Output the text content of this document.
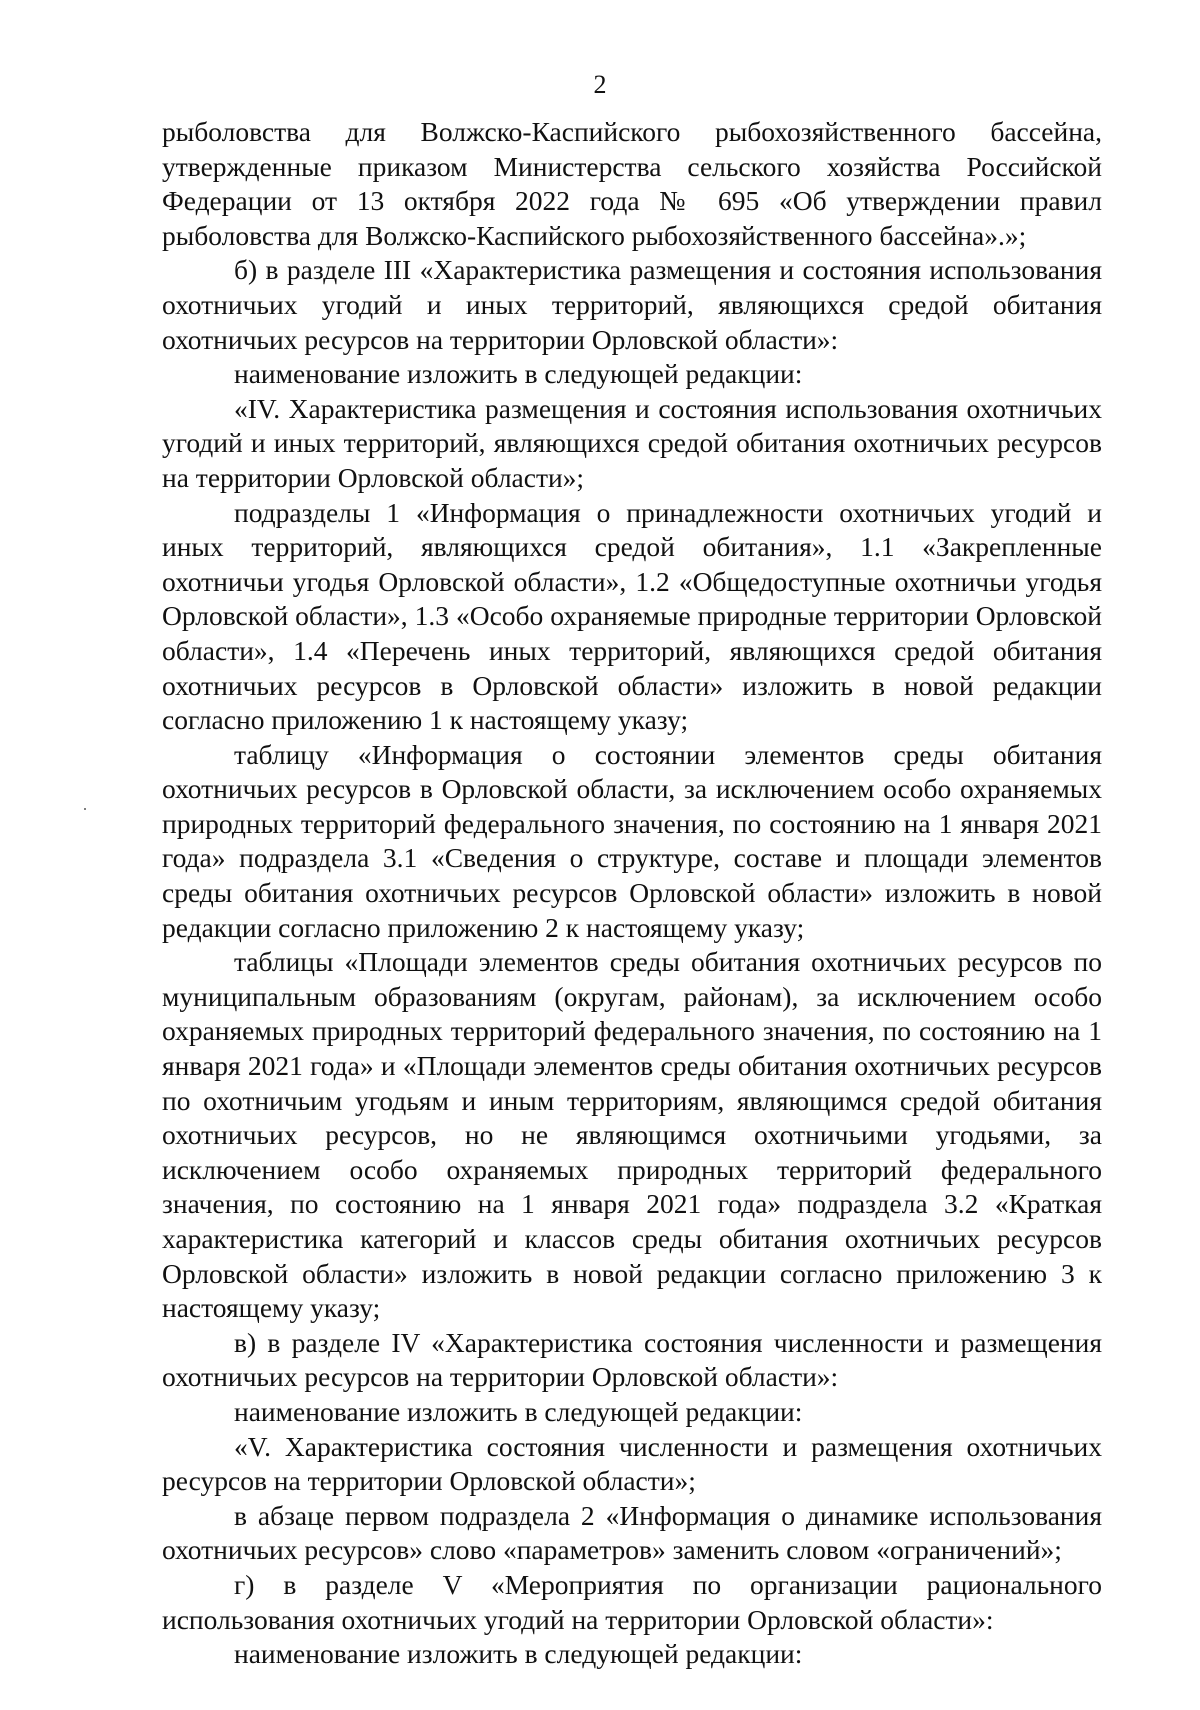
2

рыболовства для Волжско-Каспийского рыбохозяйственного бассейна, утвержденные приказом Министерства сельского хозяйства Российской Федерации от 13 октября 2022 года № 695 «Об утверждении правил рыболовства для Волжско-Каспийского рыбохозяйственного бассейна».»;

б) в разделе III «Характеристика размещения и состояния использования охотничьих угодий и иных территорий, являющихся средой обитания охотничьих ресурсов на территории Орловской области»:

наименование изложить в следующей редакции:

«IV. Характеристика размещения и состояния использования охотничьих угодий и иных территорий, являющихся средой обитания охотничьих ресурсов на территории Орловской области»;

подразделы 1 «Информация о принадлежности охотничьих угодий и иных территорий, являющихся средой обитания», 1.1 «Закрепленные охотничьи угодья Орловской области», 1.2 «Общедоступные охотничьи угодья Орловской области», 1.3 «Особо охраняемые природные территории Орловской области», 1.4 «Перечень иных территорий, являющихся средой обитания охотничьих ресурсов в Орловской области» изложить в новой редакции согласно приложению 1 к настоящему указу;

таблицу «Информация о состоянии элементов среды обитания охотничьих ресурсов в Орловской области, за исключением особо охраняемых природных территорий федерального значения, по состоянию на 1 января 2021 года» подраздела 3.1 «Сведения о структуре, составе и площади элементов среды обитания охотничьих ресурсов Орловской области» изложить в новой редакции согласно приложению 2 к настоящему указу;

таблицы «Площади элементов среды обитания охотничьих ресурсов по муниципальным образованиям (округам, районам), за исключением особо охраняемых природных территорий федерального значения, по состоянию на 1 января 2021 года» и «Площади элементов среды обитания охотничьих ресурсов по охотничьим угодьям и иным территориям, являющимся средой обитания охотничьих ресурсов, но не являющимся охотничьими угодьями, за исключением особо охраняемых природных территорий федерального значения, по состоянию на 1 января 2021 года» подраздела 3.2 «Краткая характеристика категорий и классов среды обитания охотничьих ресурсов Орловской области» изложить в новой редакции согласно приложению 3 к настоящему указу;

в) в разделе IV «Характеристика состояния численности и размещения охотничьих ресурсов на территории Орловской области»:

наименование изложить в следующей редакции:

«V. Характеристика состояния численности и размещения охотничьих ресурсов на территории Орловской области»;

в абзаце первом подраздела 2 «Информация о динамике использования охотничьих ресурсов» слово «параметров» заменить словом «ограничений»;

г) в разделе V «Мероприятия по организации рационального использования охотничьих угодий на территории Орловской области»:

наименование изложить в следующей редакции:
